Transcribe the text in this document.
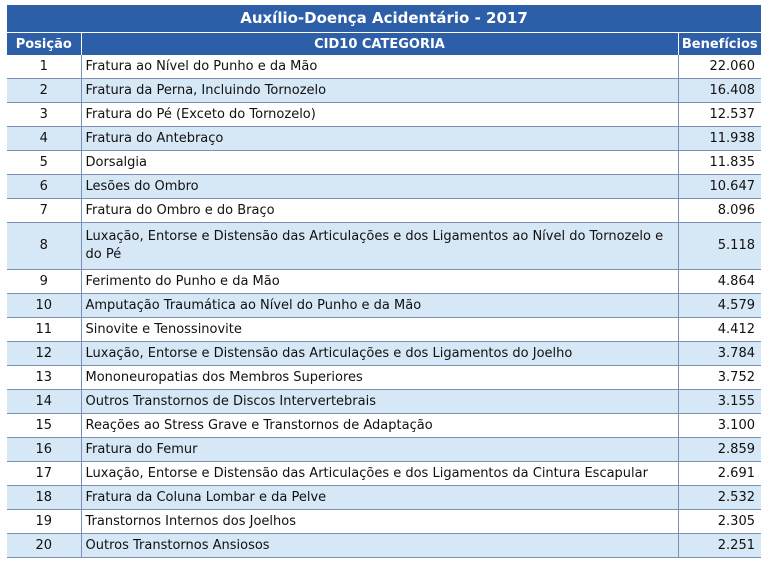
Auxílio-Doença Acidentário - 2017
Posição	CID10 CATEGORIA	Benefícios
1	Fratura ao Nível do Punho e da Mão	22.060
2	Fratura da Perna, Incluindo Tornozelo	16.408
3	Fratura do Pé (Exceto do Tornozelo)	12.537
4	Fratura do Antebraço	11.938
5	Dorsalgia	11.835
6	Lesões do Ombro	10.647
7	Fratura do Ombro e do Braço	8.096
8	Luxação, Entorse e Distensão das Articulações e dos Ligamentos ao Nível do Tornozelo e do Pé	5.118
9	Ferimento do Punho e da Mão	4.864
10	Amputação Traumática ao Nível do Punho e da Mão	4.579
11	Sinovite e Tenossinovite	4.412
12	Luxação, Entorse e Distensão das Articulações e dos Ligamentos do Joelho	3.784
13	Mononeuropatias dos Membros Superiores	3.752
14	Outros Transtornos de Discos Intervertebrais	3.155
15	Reações ao Stress Grave e Transtornos de Adaptação	3.100
16	Fratura do Femur	2.859
17	Luxação, Entorse e Distensão das Articulações e dos Ligamentos da Cintura Escapular	2.691
18	Fratura da Coluna Lombar e da Pelve	2.532
19	Transtornos Internos dos Joelhos	2.305
20	Outros Transtornos Ansiosos	2.251
